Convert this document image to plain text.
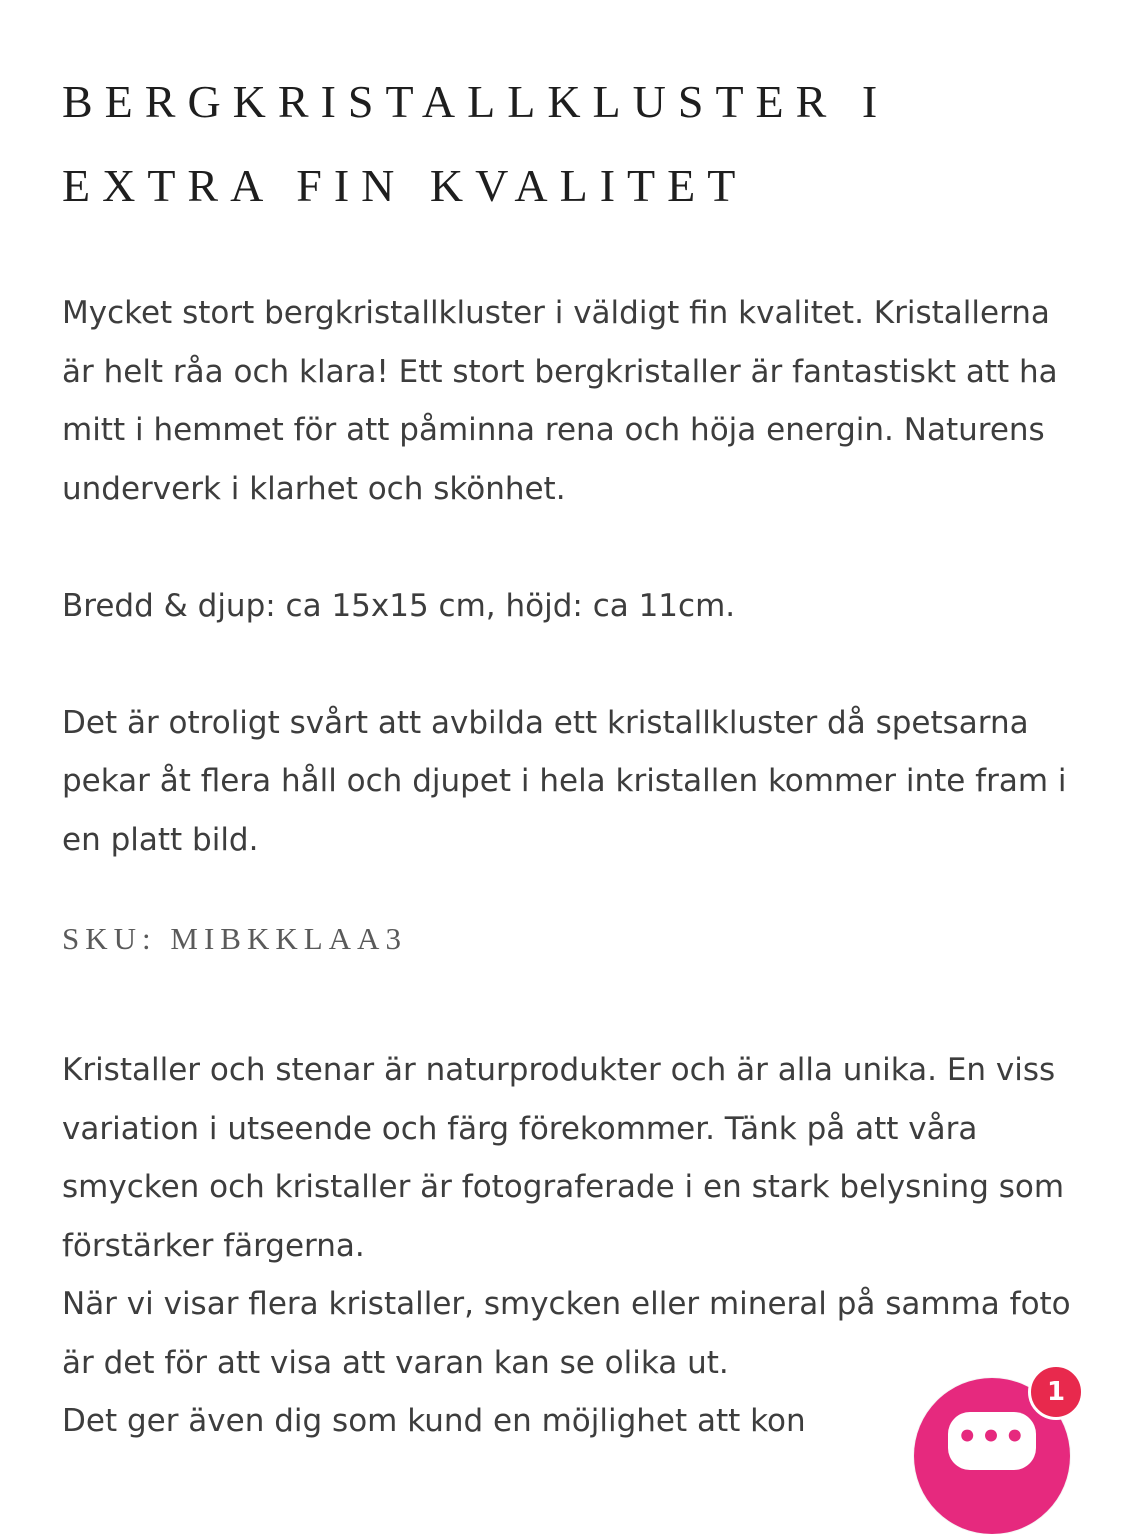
BERGKRISTALLKLUSTER I EXTRA FIN KVALITET

Mycket stort bergkristallkluster i väldigt fin kvalitet. Kristallerna är helt råa och klara! Ett stort bergkristaller är fantastiskt att ha mitt i hemmet för att påminna rena och höja energin. Naturens underverk i klarhet och skönhet.

Bredd & djup: ca 15x15 cm, höjd: ca 11cm.

Det är otroligt svårt att avbilda ett kristallkluster då spetsarna pekar åt flera håll och djupet i hela kristallen kommer inte fram i en platt bild.

SKU: MIBKKLAA3

Kristaller och stenar är naturprodukter och är alla unika. En viss variation i utseende och färg förekommer. Tänk på att våra smycken och kristaller är fotograferade i en stark belysning som förstärker färgerna.

När vi visar flera kristaller, smycken eller mineral på samma foto är det för att visa att varan kan se olika ut.

Det ger även dig som kund en möjlighet att kon	•••
1
